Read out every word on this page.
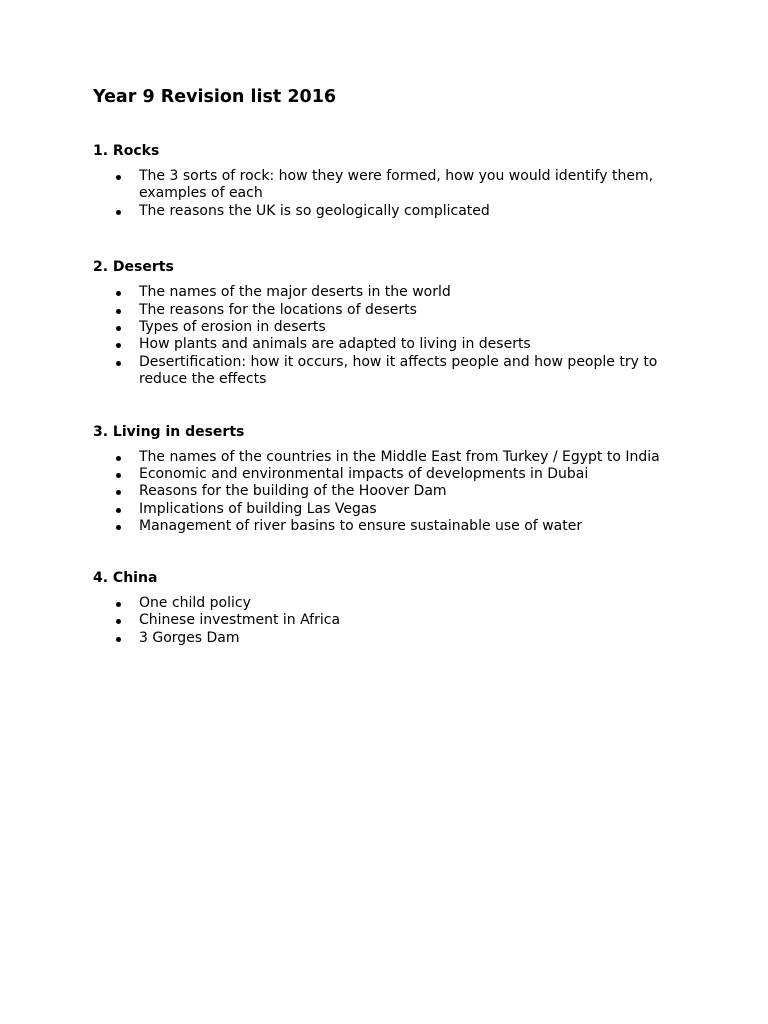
Year 9 Revision list 2016
1. Rocks
The 3 sorts of rock: how they were formed, how you would identify them, examples of each
The reasons the UK is so geologically complicated
2. Deserts
The names of the major deserts in the world
The reasons for the locations of deserts
Types of erosion in deserts
How plants and animals are adapted to living in deserts
Desertification: how it occurs, how it affects people and how people try to reduce the effects
3. Living in deserts
The names of the countries in the Middle East from Turkey / Egypt to India
Economic and environmental impacts of developments in Dubai
Reasons for the building of the Hoover Dam
Implications of building Las Vegas
Management of river basins to ensure sustainable use of water
4. China
One child policy
Chinese investment in Africa
3 Gorges Dam
